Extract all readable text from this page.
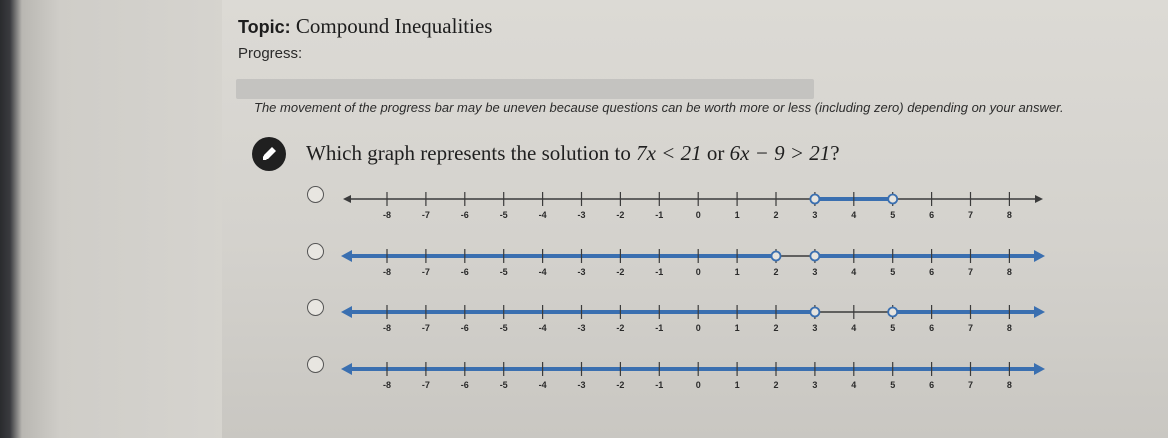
Topic: Compound Inequalities
Progress:
The movement of the progress bar may be uneven because questions can be worth more or less (including zero) depending on your answer.
Which graph represents the solution to 7x < 21 or 6x − 9 > 21?
-8	-7	-6	-5	-4	-3	-2	-1	0	1	2	3	4	5	6	7	8
-8	-7	-6	-5	-4	-3	-2	-1	0	1	2	3	4	5	6	7	8
-8	-7	-6	-5	-4	-3	-2	-1	0	1	2	3	4	5	6	7	8
-8	-7	-6	-5	-4	-3	-2	-1	0	1	2	3	4	5	6	7	8
